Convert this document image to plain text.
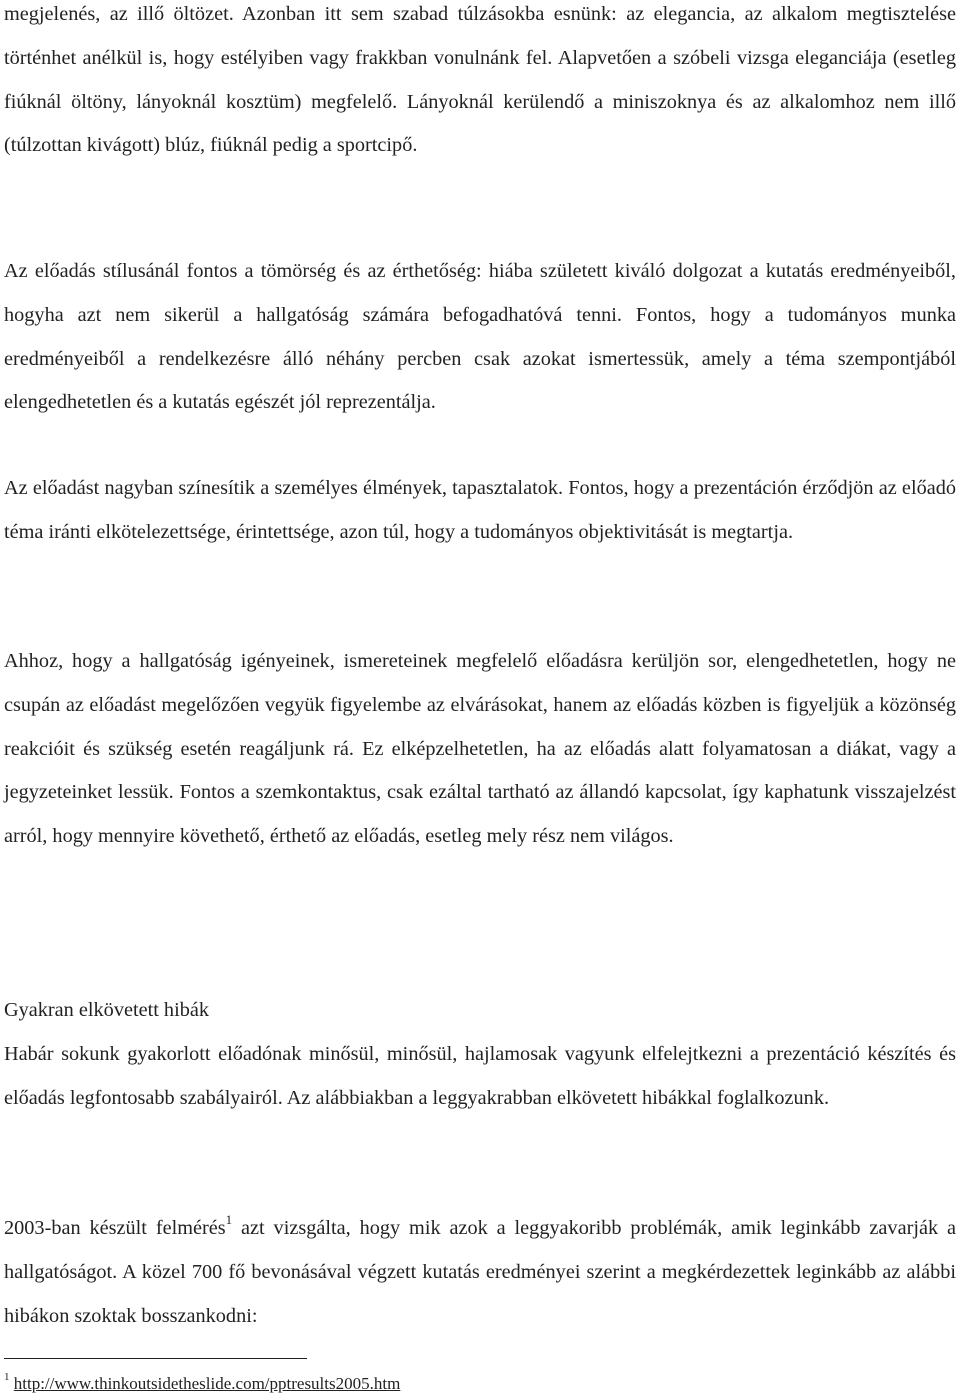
megjelenés, az illő öltözet. Azonban itt sem szabad túlzásokba esnünk: az elegancia, az alkalom megtisztelése történhet anélkül is, hogy estélyiben vagy frakkban vonulnánk fel. Alapvetően a szóbeli vizsga eleganciája (esetleg fiúknál öltöny, lányoknál kosztüm) megfelelő. Lányoknál kerülendő a miniszoknya és az alkalomhoz nem illő (túlzottan kivágott) blúz, fiúknál pedig a sportcipő.

Az előadás stílusánál fontos a tömörség és az érthetőség: hiába született kiváló dolgozat a kutatás eredményeiből, hogyha azt nem sikerül a hallgatóság számára befogadhatóvá tenni. Fontos, hogy a tudományos munka eredményeiből a rendelkezésre álló néhány percben csak azokat ismertessük, amely a téma szempontjából elengedhetetlen és a kutatás egészét jól reprezentálja.

Az előadást nagyban színesítik a személyes élmények, tapasztalatok. Fontos, hogy a prezentáción érződjön az előadó téma iránti elkötelezettsége, érintettsége, azon túl, hogy a tudományos objektivitását is megtartja.

Ahhoz, hogy a hallgatóság igényeinek, ismereteinek megfelelő előadásra kerüljön sor, elengedhetetlen, hogy ne csupán az előadást megelőzően vegyük figyelembe az elvárásokat, hanem az előadás közben is figyeljük a közönség reakcióit és szükség esetén reagáljunk rá. Ez elképzelhetetlen, ha az előadás alatt folyamatosan a diákat, vagy a jegyzeteinket lessük. Fontos a szemkontaktus, csak ezáltal tartható az állandó kapcsolat, így kaphatunk visszajelzést arról, hogy mennyire követhető, érthető az előadás, esetleg mely rész nem világos.

Gyakran elkövetett hibák

Habár sokunk gyakorlott előadónak minősül, minősül, hajlamosak vagyunk elfelejtkezni a prezentáció készítés és előadás legfontosabb szabályairól. Az alábbiakban a leggyakrabban elkövetett hibákkal foglalkozunk.

2003-ban készült felmérés$^1$ azt vizsgálta, hogy mik azok a leggyakoribb problémák, amik leginkább zavarják a hallgatóságot. A közel 700 fő bevonásával végzett kutatás eredményei szerint a megkérdezettek leginkább az alábbi hibákon szoktak bosszankodni:

$^1$ http://www.thinkoutsidetheslide.com/pptresults2005.htm
